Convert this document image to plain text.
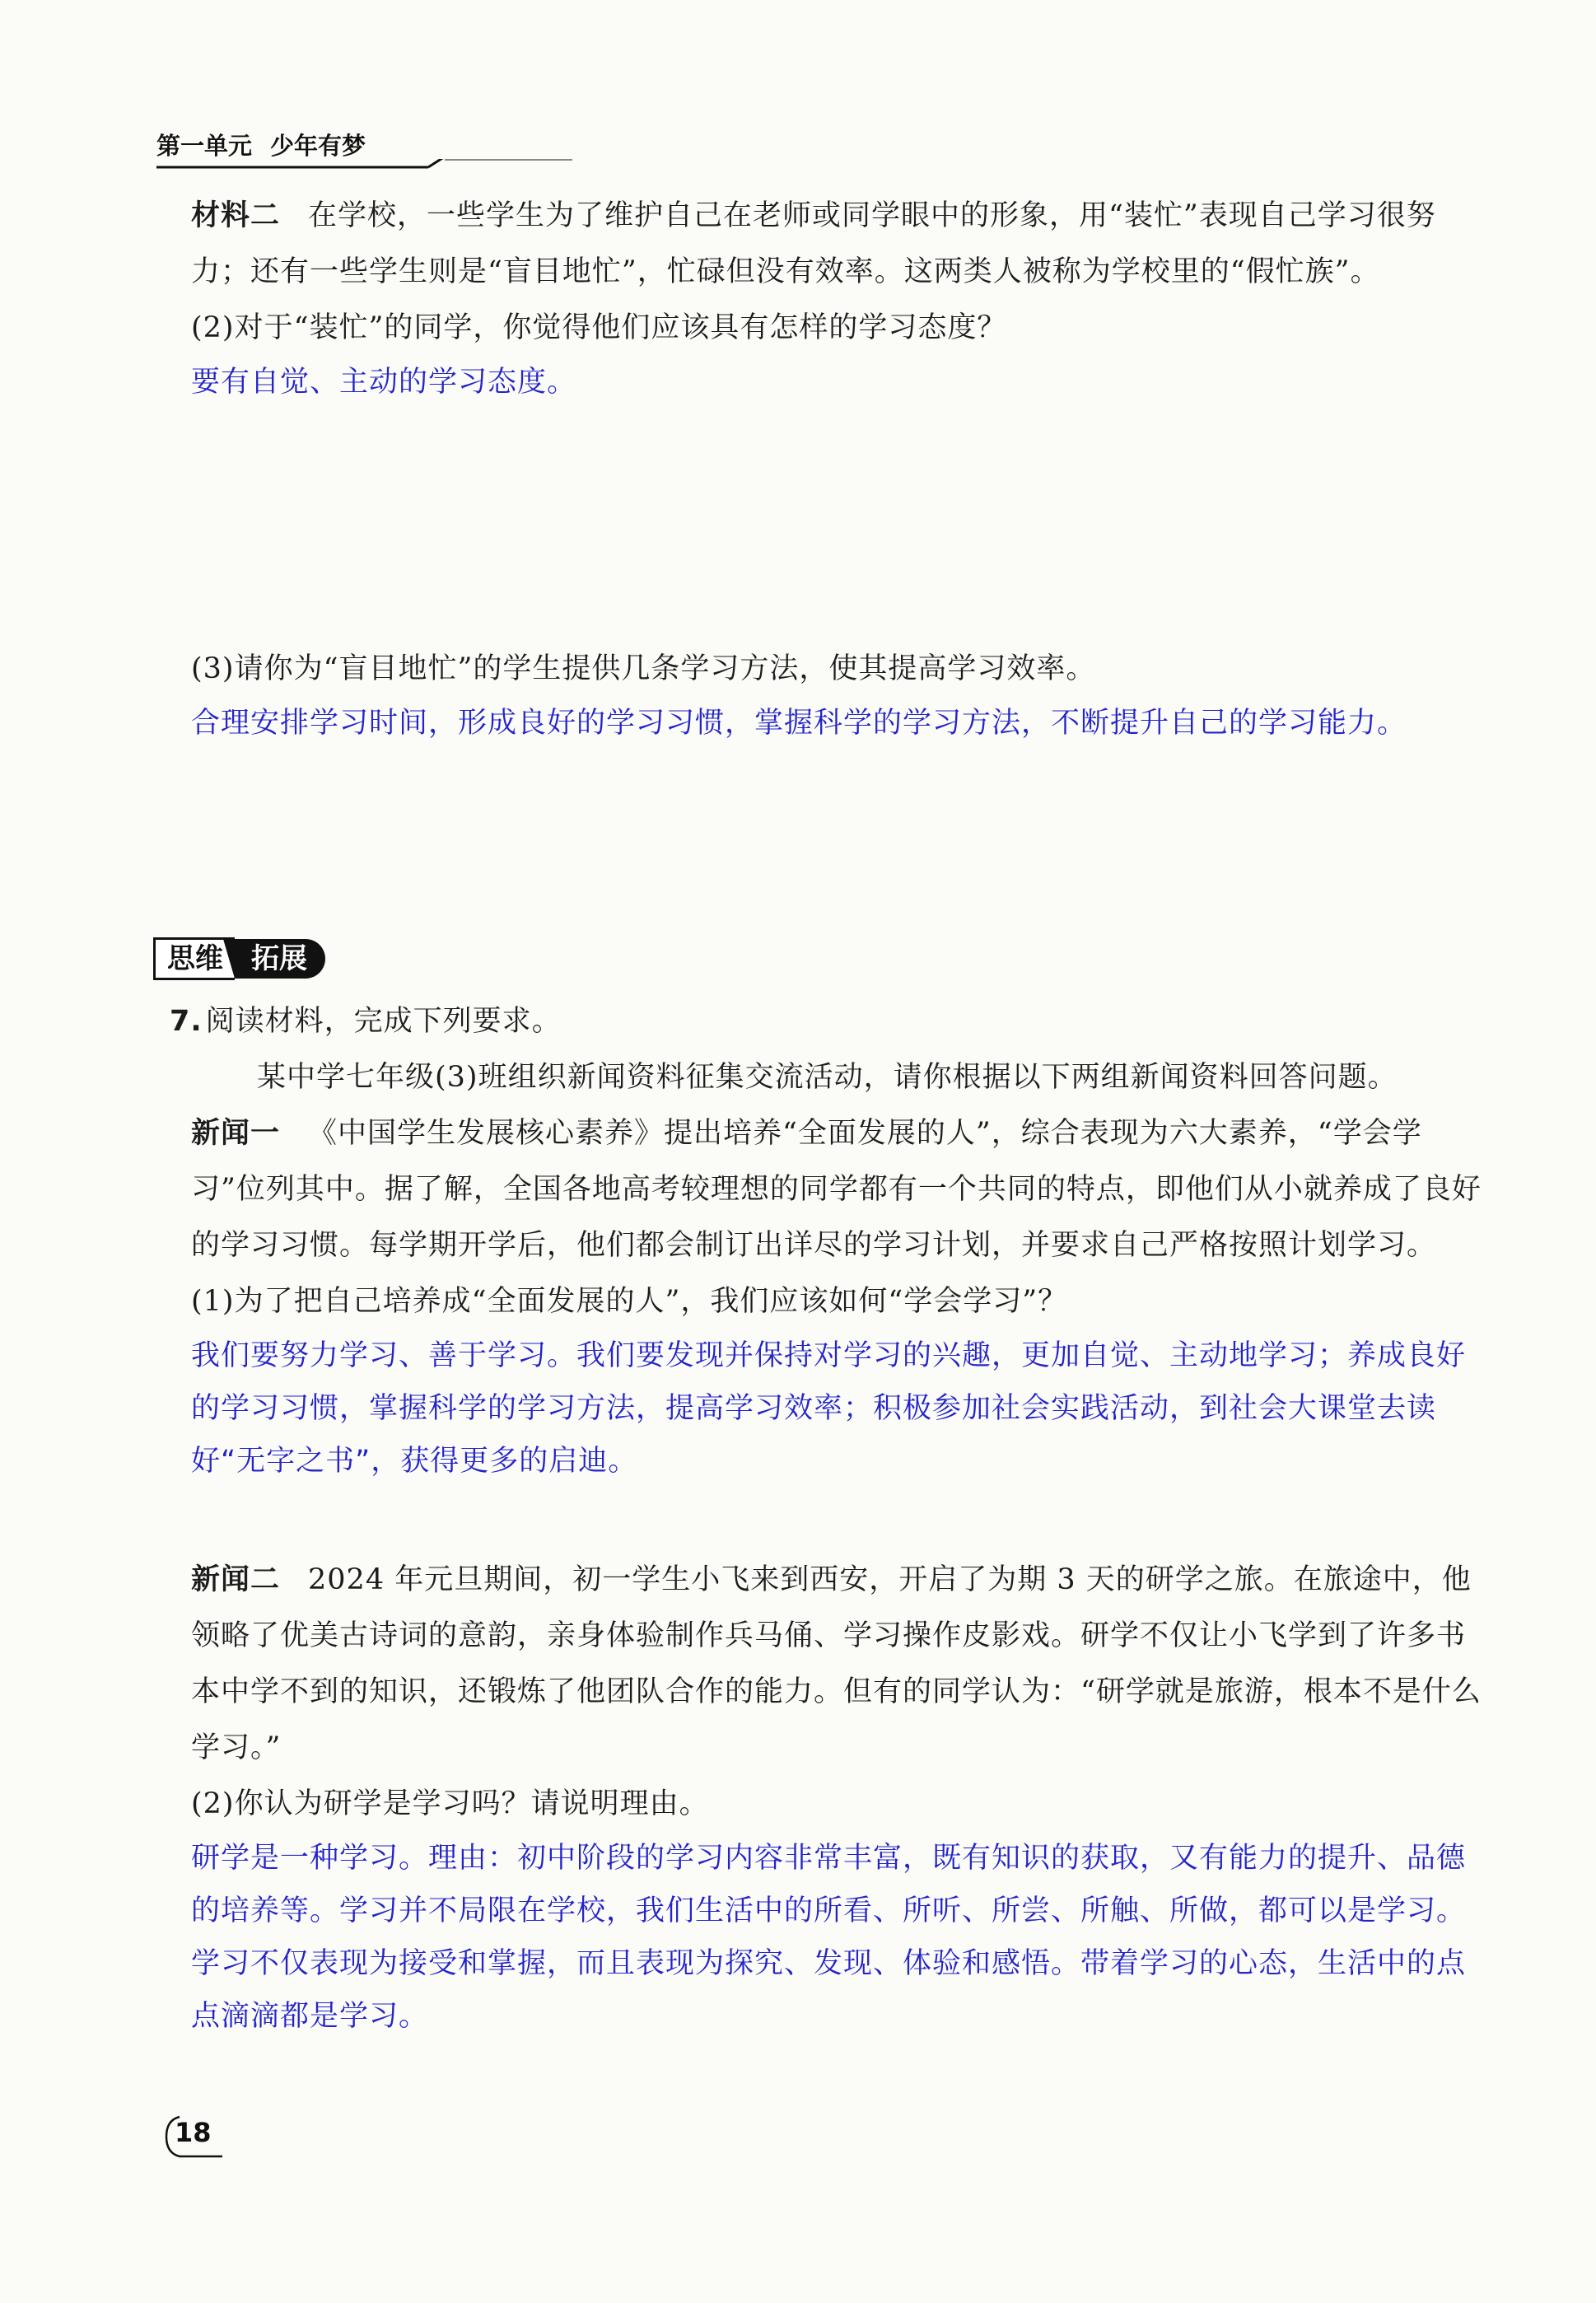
第一单元 少年有梦

材料二 在学校，一些学生为了维护自己在老师或同学眼中的形象，用“装忙”表现自己学习很努力；还有一些学生则是“盲目地忙”，忙碌但没有效率。这两类人被称为学校里的“假忙族”。

(2)对于“装忙”的同学，你觉得他们应该具有怎样的学习态度？

要有自觉、主动的学习态度。

(3)请你为“盲目地忙”的学生提供几条学习方法，使其提高学习效率。

合理安排学习时间，形成良好的学习习惯，掌握科学的学习方法，不断提升自己的学习能力。

思维	拓展

7. 阅读材料，完成下列要求。

某中学七年级(3)班组织新闻资料征集交流活动，请你根据以下两组新闻资料回答问题。

新闻一 《中国学生发展核心素养》提出培养“全面发展的人”，综合表现为六大素养，“学会学习”位列其中。据了解，全国各地高考较理想的同学都有一个共同的特点，即他们从小就养成了良好的学习习惯。每学期开学后，他们都会制订出详尽的学习计划，并要求自己严格按照计划学习。

(1)为了把自己培养成“全面发展的人”，我们应该如何“学会学习”？

我们要努力学习、善于学习。我们要发现并保持对学习的兴趣，更加自觉、主动地学习；养成良好的学习习惯，掌握科学的学习方法，提高学习效率；积极参加社会实践活动，到社会大课堂去读好“无字之书”，获得更多的启迪。

新闻二 2024 年元旦期间，初一学生小飞来到西安，开启了为期 3 天的研学之旅。在旅途中，他领略了优美古诗词的意韵，亲身体验制作兵马俑、学习操作皮影戏。研学不仅让小飞学到了许多书本中学不到的知识，还锻炼了他团队合作的能力。但有的同学认为：“研学就是旅游，根本不是什么学习。”

(2)你认为研学是学习吗？请说明理由。

研学是一种学习。理由：初中阶段的学习内容非常丰富，既有知识的获取，又有能力的提升、品德的培养等。学习并不局限在学校，我们生活中的所看、所听、所尝、所触、所做，都可以是学习。学习不仅表现为接受和掌握，而且表现为探究、发现、体验和感悟。带着学习的心态，生活中的点点滴滴都是学习。

18
